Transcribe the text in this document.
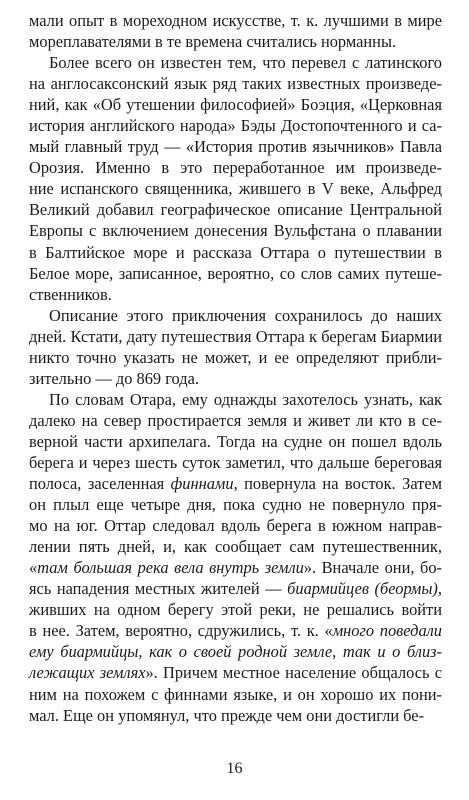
мали опыт в мореходном искусстве, т. к. лучшими в мире
мореплавателями в те времена считались норманны.

Более всего он известен тем, что перевел с латинского
на англосаксонский язык ряд таких известных произведе-
ний, как «Об утешении философией» Боэция, «Церковная
история английского народа» Бэды Достопочтенного и са-
мый главный труд — «История против язычников» Павла
Орозия. Именно в это переработанное им произведе-
ние испанского священника, жившего в V веке, Альфред
Великий добавил географическое описание Центральной
Европы с включением донесения Вульфстана о плавании
в Балтийское море и рассказа Оттара о путешествии в
Белое море, записанное, вероятно, со слов самих путеше-
ственников.

Описание этого приключения сохранилось до наших
дней. Кстати, дату путешествия Оттара к берегам Биармии
никто точно указать не может, и ее определяют прибли-
зительно — до 869 года.

По словам Отара, ему однажды захотелось узнать, как
далеко на север простирается земля и живет ли кто в се-
верной части архипелага. Тогда на судне он пошел вдоль
берега и через шесть суток заметил, что дальше береговая
полоса, заселенная финнами, повернула на восток. Затем
он плыл еще четыре дня, пока судно не повернуло пря-
мо на юг. Оттар следовал вдоль берега в южном направ-
лении пять дней, и, как сообщает сам путешественник,
«там большая река вела внутрь земли». Вначале они, бо-
ясь нападения местных жителей — биармийцев (беормы),
живших на одном берегу этой реки, не решались войти
в нее. Затем, вероятно, сдружились, т. к. «много поведали
ему биармийцы, как о своей родной земле, так и о близ-
лежащих землях». Причем местное население общалось с
ним на похожем с финнами языке, и он хорошо их пони-
мал. Еще он упомянул, что прежде чем они достигли бе-

16
